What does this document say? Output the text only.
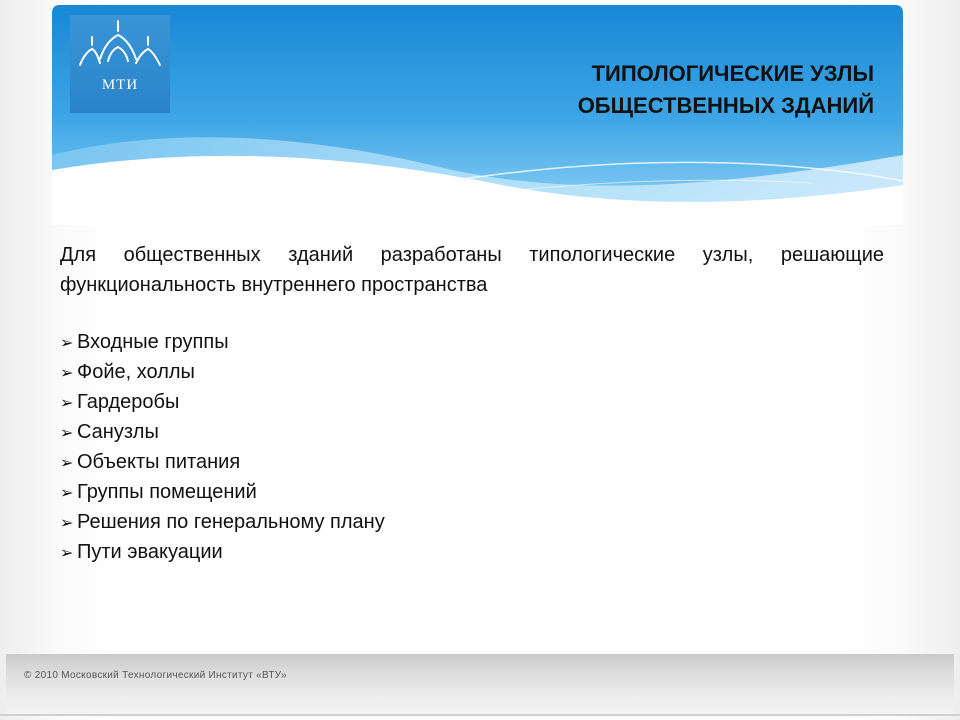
МТИ	ТИПОЛОГИЧЕСКИЕ УЗЛЫ
ОБЩЕСТВЕННЫХ ЗДАНИЙ
Для общественных зданий разработаны типологические узлы, решающие функциональность внутреннего пространства
➢ Входные группы
➢ Фойе, холлы
➢ Гардеробы
➢ Санузлы
➢ Объекты питания
➢ Группы помещений
➢ Решения по генеральному плану
➢ Пути эвакуации
© 2010 Московский Технологический Институт «ВТУ»
